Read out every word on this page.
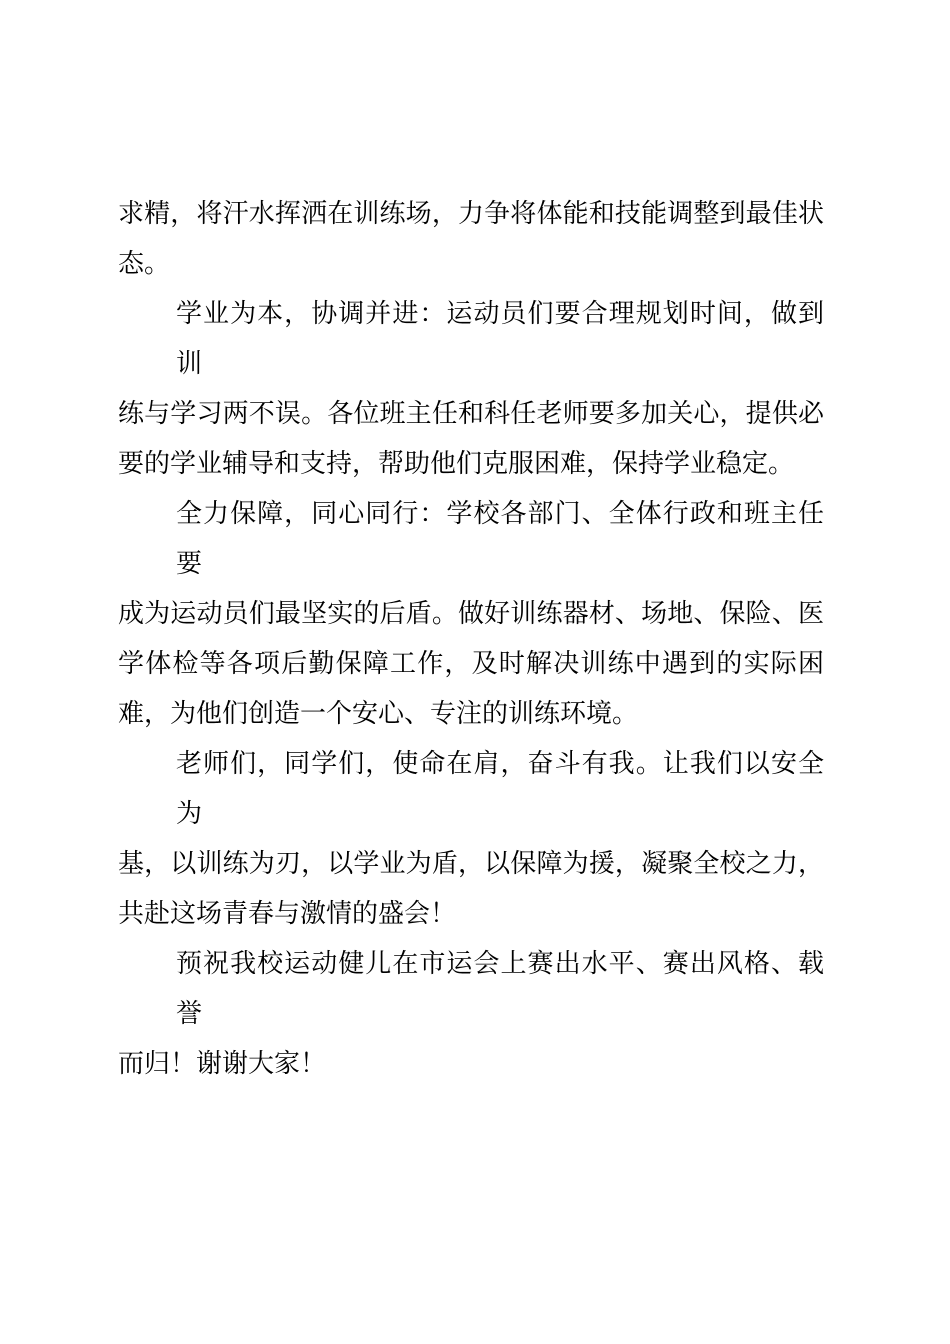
求精，将汗水挥洒在训练场，力争将体能和技能调整到最佳状
态。

学业为本，协调并进：运动员们要合理规划时间，做到训
练与学习两不误。各位班主任和科任老师要多加关心，提供必
要的学业辅导和支持，帮助他们克服困难，保持学业稳定。

全力保障，同心同行：学校各部门、全体行政和班主任要
成为运动员们最坚实的后盾。做好训练器材、场地、保险、医
学体检等各项后勤保障工作，及时解决训练中遇到的实际困
难，为他们创造一个安心、专注的训练环境。

老师们，同学们，使命在肩，奋斗有我。让我们以安全为
基，以训练为刃，以学业为盾，以保障为援，凝聚全校之力，
共赴这场青春与激情的盛会！

预祝我校运动健儿在市运会上赛出水平、赛出风格、载誉
而归！谢谢大家！
